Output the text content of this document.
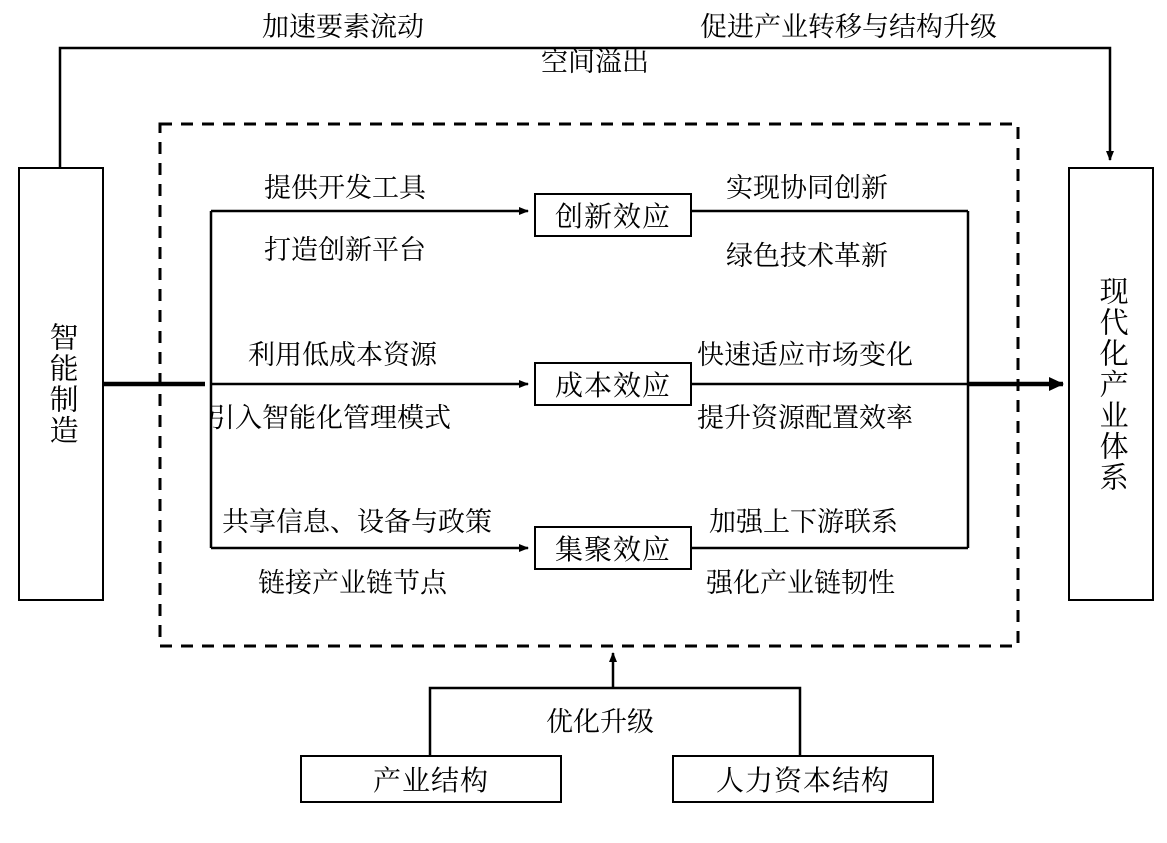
智能制造	现代化产业体系
创新效应
成本效应
集聚效应
产业结构	人力资本结构
加速要素流动
空间溢出
促进产业转移与结构升级
提供开发工具
打造创新平台
实现协同创新
绿色技术革新
利用低成本资源
引入智能化管理模式
快速适应市场变化
提升资源配置效率
共享信息、设备与政策
链接产业链节点
加强上下游联系
强化产业链韧性
优化升级
